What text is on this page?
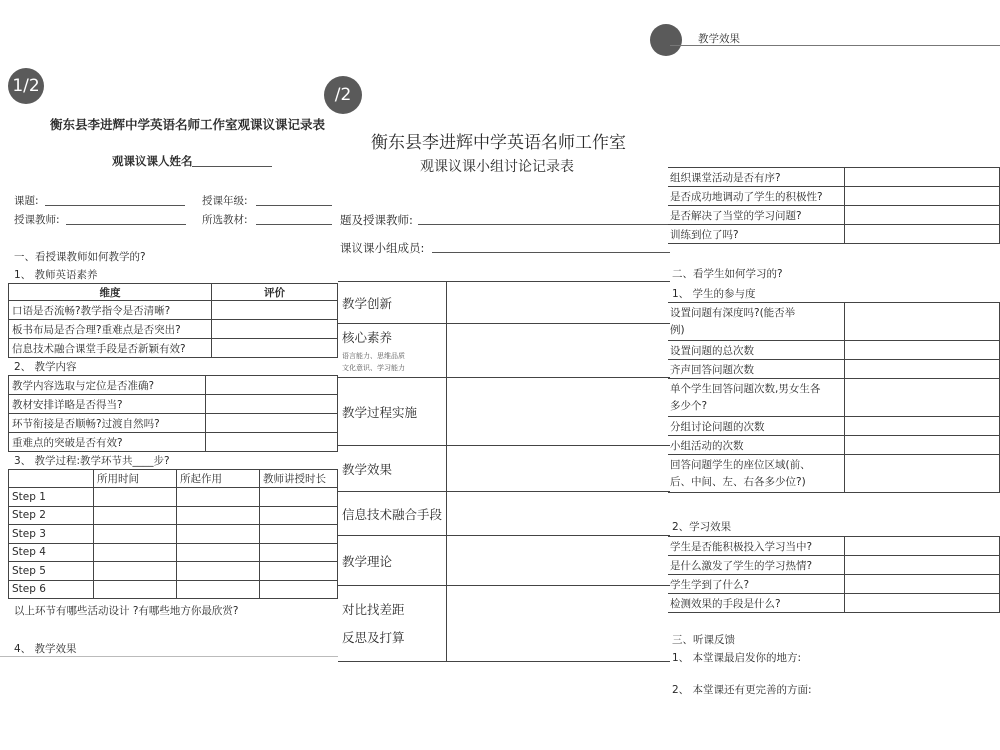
1/2
衡东县李进辉中学英语名师工作室观课议课记录表
观课议课人姓名
课题:	授课年级:
授课教师:	所选教材:
一、看授课教师如何教学的?
1、 教师英语素养
维度	评价
口语是否流畅?教学指令是否清晰?	
板书布局是否合理?重难点是否突出?	
信息技术融合课堂手段是否新颖有效?	
2、 教学内容
教学内容选取与定位是否准确?	
教材安排详略是否得当?	
环节衔接是否顺畅?过渡自然吗?	
重难点的突破是否有效?	
3、 教学过程:教学环节共____步?
	所用时间	所起作用	教师讲授时长
Step 1			
Step 2			
Step 3			
Step 4			
Step 5			
Step 6			
以上环节有哪些活动设计 ?有哪些地方你最欣赏?
4、 教学效果
/2
衡东县李进辉中学英语名师工作室
观课议课小组讨论记录表
题及授课教师:
课议课小组成员:
教学创新	
核心素养
语言能力、思维品质
文化意识、学习能力	

教学过程实施	
教学效果	
信息技术融合手段	
教学理论	
对比找差距

反思及打算	
教学效果
组织课堂活动是否有序?	
是否成功地调动了学生的积极性?	
是否解决了当堂的学习问题?	
训练到位了吗?	
二、看学生如何学习的?
1、 学生的参与度
设置问题有深度吗?(能否举
例)	
设置问题的总次数	
齐声回答问题次数	
单个学生回答问题次数,男女生各
多少个?	
分组讨论问题的次数	
小组活动的次数	
回答问题学生的座位区域(前、
后、中间、左、右各多少位?)	
2、学习效果
学生是否能积极投入学习当中?	
是什么激发了学生的学习热情?	
学生学到了什么?	
检测效果的手段是什么?	
三、听课反馈
1、 本堂课最启发你的地方:
2、 本堂课还有更完善的方面:
